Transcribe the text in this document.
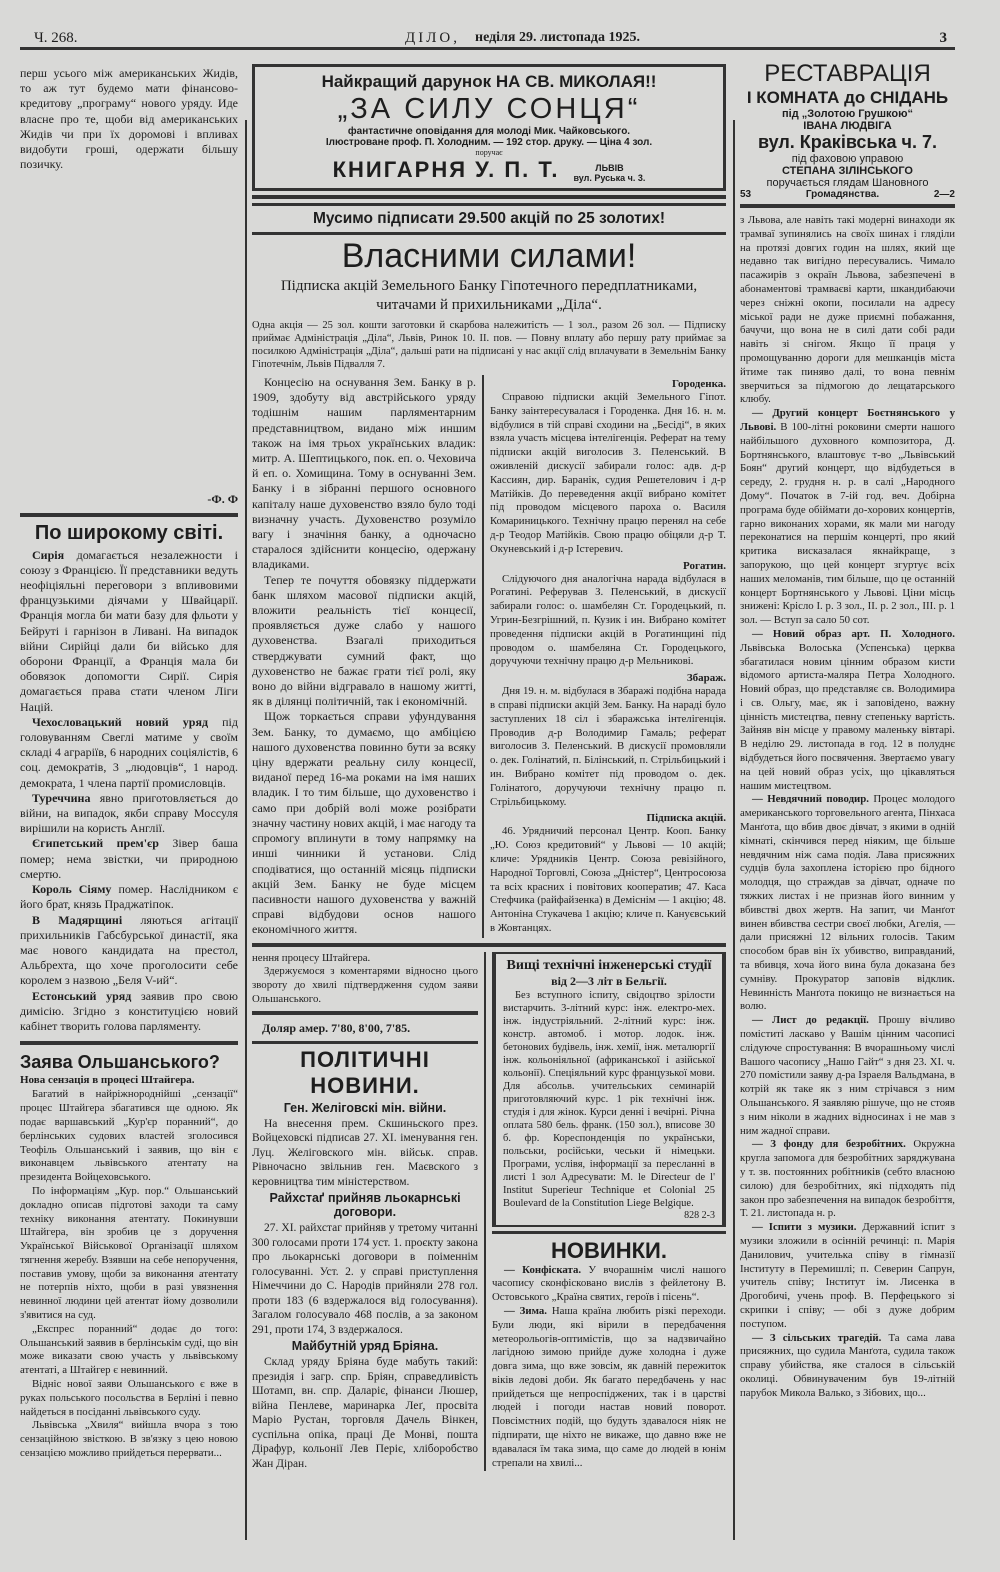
Ч. 268.	ДІЛО, неділя 29. листопада 1925.	3
перш усього між американських Жидів, то аж тут будемо мати фінансово-кредитову „програму“ нового уряду. Иде власне про те, щоби від американських Жидів чи при їх доромові і впливах видобути гроші, одержати більшу позичку.
-Ф. Ф
По широкому світі.

Сирія домагається незалежности і союзу з Францією. Її представники ведуть неофіціяльні переговори з впливовими французькими діячами у Швайцарії. Франція могла би мати базу для фльоти у Бейруті і гарнізон в Ливані. На випадок війни Сирійці дали би військо для оборони Франції, а Франція мала би обовязок допомогти Сирії. Сирія домагається права стати членом Ліги Націй.

Чехословацький новий уряд під головуванням Свеглі матиме у своїм складі 4 аграріїв, 6 народних соціялістів, 6 соц. демократів, 3 „людовців“, 1 народ. демократа, 1 члена партії промисловців.

Туреччина явно приготовляється до війни, на випадок, якби справу Моссуля вирішили на користь Англії.

Єгипетський прем'єр Зівер баша помер; нема звістки, чи природною смертю.

Король Сіяму помер. Наслідником є його брат, князь Праджатіпок.

В Мадярщині ляються агітації прихильників Габсбурської династії, яка має нового кандидата на престол, Альбрехта, що хоче проголосити себе королем з назвою „Беля V-ий“.

Естонський уряд заявив про свою димісію. Згідно з конституцією новий кабінет творить голова парляменту.

Заява Ольшанського?
Нова сензація в процесі Штайгера.

Багатий в найріжнороднійші „сензації“ процес Штайгера збагатився ще одною. Як подає варшавський „Кур'єр поранний“, до берлінських судових властей зголосився Теофіль Ольшанський і заявив, що він є виконавцем львівського атентату на президента Войцеховського.

По інформаціям „Кур. пор.“ Ольшанський докладно описав підготові заходи та саму техніку виконання атентату. Покинувши Штайгера, він зробив це з доручення Української Військової Організації шляхом тягнення жеребу. Взявши на себе непоручення, поставив умову, щоби за виконання атентату не потерпів ніхто, щоби в разі увязнення невинної людини цей атентат йому дозволили з'явитися на суд.

„Експрес поранний“ додає до того: Ольшанський заявив в берлінськім суді, що він може виказати свою участь у львівському атентаті, а Штайгер є невинний.

Відніс нової заяви Ольшанського є вже в руках польського посольства в Берліні і певно найдеться в посіданні львівського суду.

Львівська „Хвиля“ вийшла вчора з тою сензаційною звісткою. В зв'язку з цею новою сензацією можливо прийдеться перервати...

Найкращий дарунок НА СВ. МИКОЛАЯ!!
„ЗА СИЛУ СОНЦЯ“
фантастичне оповідання для молоді Мик. Чайковського.
Ілюстроване проф. П. Холодним. — 192 стор. друку. — Ціна 4 зол.
поручає
КНИГАРНЯ У. П. Т.	ЛЬВІВ
вул. Руська ч. 3.
Мусимо підписати 29.500 акцій по 25 золотих!
Власними силами!
Підписка акцій Земельного Банку Гіпотечного передплатниками, читачами й прихильниками „Діла“.

Одна акція — 25 зол. кошти заготовки й скарбова належитість — 1 зол., разом 26 зол. — Підписку приймає Адміністрація „Діла“, Львів, Ринок 10. II. пов. — Повну вплату або першу рату приймає за посилкою Адміністрація „Діла“, дальші рати на підписані у нас акції слід вплачувати в Земельнім Банку Гіпотечнім, Львів Підвалля 7.

Концесію на оснування Зем. Банку в р. 1909, здобуту від австрійського уряду тодішнім нашим парляментарним представництвом, видано між иншим також на імя трьох українських владик: митр. А. Шептицького, пок. еп. о. Чеховича й еп. о. Хомищина. Тому в оснуванні Зем. Банку і в зібранні першого основного капіталу наше духовенство взяло було тоді визначну участь. Духовенство розуміло вагу і значіння банку, а одночасно старалося здійснити концесію, одержану владиками.

Тепер те почуття обовязку піддержати банк шляхом масової підписки акцій, вложити реальність тієї концесії, проявляється дуже слабо у нашого духовенства. Взагалі приходиться стверджувати сумний факт, що духовенство не бажає грати тієї ролі, яку воно до війни відгравало в нашому житті, як в ділянці політичній, так і економічній.

Щож торкається справи уфундування Зем. Банку, то думаємо, що амбіцією нашого духовенства повинно бути за всяку ціну вдержати реальну силу концесії, виданої перед 16-ма роками на імя наших владик. І то тим більше, що духовенство і само при добрій волі може розібрати значну частину нових акцій, і має нагоду та спромогу вплинути в тому напрямку на инші чинники й установи. Слід сподіватися, що останній місяць підписки акцій Зем. Банку не буде місцем пасивности нашого духовенства у важній справі відбудови основ нашого економічного життя.

Городенка.

Справою підписки акцій Земельного Гіпот. Банку заінтересувалася і Городенка. Дня 16. н. м. відбулися в тій справі сходини на „Бесіді“, в яких взяла участь місцева інтелігенція. Реферат на тему підписки акцій виголосив З. Пеленський. В оживленій дискусії забирали голос: адв. д-р Кассиян, дир. Баранік, судия Решетелович і д-р Матійків. До переведення акції вибрано комітет під проводом місцевого пароха о. Василя Комариницького. Технічну працю перенял на себе д-р Теодор Матійків. Свою працю обіцяли д-р Т. Окуневський і д-р Істеревич.

Рогатин.

Слідуючого дня аналогічна нарада відбулася в Рогатині. Реферував З. Пеленський, в дискусії забирали голос: о. шамбелян Ст. Городецький, п. Угрин-Безгрішний, п. Кузик і ин. Вибрано комітет проведення підписки акцій в Рогатинщині під проводом о. шамбеляна Ст. Городецького, доручуючи технічну працю д-р Мельникові.

Збараж.

Дня 19. н. м. відбулася в Збаражі подібна нарада в справі підписки акцій Зем. Банку. На нараді було заступлених 18 сіл і збаражська інтелігенція. Проводив д-р Володимир Гамаль; реферат виголосив З. Пеленський. В дискусії промовляли о. дек. Голінатий, п. Білінський, п. Стрільбицький і ин. Вибрано комітет під проводом о. дек. Голінатого, доручуючи технічну працю п. Стрільбицькому.

Підписка акцій.

46. Урядничий персонал Центр. Кооп. Банку „Ю. Союз кредитовий“ у Львові — 10 акцій; кличе: Урядників Центр. Союза ревізійного, Народної Торговлі, Союза „Дністер“, Центросоюза та всіх красних і повітових кооператив; 47. Каса Стефчика (райфайзенка) в Деміснім — 1 акцію; 48. Антоніна Стукачева 1 акцію; кличе п. Кануєвський в Жовтанцях.

нення процесу Штайгера.

Здержуємося з коментарями відносно цього звороту до хвилі підтвердження судом заяви Ольшанського.

Доляр амер. 7'80, 8'00, 7'85.
ПОЛІТИЧНІ НОВИНИ.
Ген. Желіговскі мін. війни.

На внесення прем. Скшиньского през. Войцеховскі підписав 27. XI. іменування ген. Луц. Желіговского мін. військ. справ. Рівночасно звільнив ген. Маєвского з керовництва тим міністерством.

Райхстаґ прийняв льокарнські договори.

27. XI. райхстаг прийняв у третому читанні 300 голосами проти 174 уст. 1. проєкту закона про льокарнські договори в поіменнім голосуванні. Уст. 2. у справі приступлення Німеччини до С. Народів прийняли 278 гол. проти 183 (6 вздержалося від голосування). Загалом голосувало 468 послів, а за законом 291, проти 174, 3 вздержалося.

Майбутній уряд Бріяна.

Склад уряду Бріяна буде мабуть такий: президія і загр. спр. Бріян, справедливість Шотамп, вн. спр. Даларіє, фінанси Люшер, війна Пенлеве, маринарка Леґ, просвіта Маріо Рустан, торговля Дачель Вінкен, суспільна опіка, праці Де Монві, пошта Дірафур, кольонії Лев Періє, хліборобство Жан Діран.

Вищі технічні інженерські студії
від 2—3 літ в Бельгії.

Без вступного іспиту, свідоцтво зрілости вистарчить. 3-літний курс: інж. електро-мех. інж. індустріяльний. 2-літний курс: інж. констр. автомоб. і мотор. лодок. інж. бетонових будівель, інж. хемії, інж. металюргії інж. кольоніяльної (африканської і азійської кольонії). Спеціяльний курс французької мови. Для абсольв. учительських семинарій приготовляючий курс. 1 рік технічні інж. студія і для жінок. Курси денні і вечірні. Річна оплата 580 бель. франк. (150 зол.), вписове 30 б. фр. Кореспонденція по українськи, польськи, російськи, чеськи й німецьки. Програми, услівя, інформації за пересланні в листі 1 зол Адресувати: M. le Directeur de l' Institut Superieur Technique et Colonial 25 Boulevard de la Constitution Liege Belgique.

828 2-3
НОВИНКИ.

— Конфіската. У вчорашнім числі нашого часопису сконфісковано вислів з фейлетону В. Остовського „Країна святих, героїв і пісень“.

— Зима. Наша країна любить різкі переходи. Були люди, які вірили в передбачення метеорольогів-оптимістів, що за надзвичайно лагідною зимою прийде дуже холодна і дуже довга зима, що вже зовсім, як давній пережиток віків ледові доби. Як багато передбачень у нас прийдеться ще непроспіджених, так і в царстві людей і погоди настав новий поворот. Повсімстних подій, що будуть здавалося ніяк не підпирати, ще ніхто не викаже, що давно вже не вдавалася їм така зима, що саме до людей в юнім стрепали на хвилі...

РЕСТАВРАЦІЯ
І КОМНАТА до СНІДАНЬ
під „Золотою Грушкою“
ІВАНА ЛЮДВІГА
вул. Краківська ч. 7.
під фаховою управою
СТЕПАНА ЗІЛІНСЬКОГО
поручається глядам Шановного
53	Громадянства.	2—2

з Львова, але навіть такі модерні винаходи як трамваї зупинялись на своїх шинах і гляділи на протязі довгих годин на шлях, який ще недавно так вигідно пересувались. Чимало пасажирів з окраїн Львова, забезпечені в абонаментові трамваєві карти, шкандибаючи через сніжні окопи, посилали на адресу міської ради не дуже приємні побажання, бачучи, що вона не в силі дати собі ради навіть зі снігом. Якщо її праця у промощуванню дороги для мешканців міста йтиме так пиняво далі, то вона певнім зверчиться за підмогою до лещатарського клюбу.

— Другий концерт Боєтнянського у Львові. В 100-літні роковини смерти нашого найбільшого духовного композитора, Д. Бортнянського, влаштовує т-во „Львівський Боян“ другий концерт, що відбудеться в середу, 2. грудня н. р. в салі „Народного Дому“. Початок в 7-ій год. веч. Добірна програма буде обіймати до-хорових концертів, гарно виконаних хорами, як мали ми нагоду переконатися на першім концерті, про який критика висказалася якнайкраще, з запорукою, що цей концерт згуртує всіх наших меломанів, тим більше, що це останній концерт Бортнянського у Львові. Ціни місць знижені: Крісло І. р. 3 зол., ІІ. р. 2 зол., ІІІ. р. 1 зол. — Вступ за сало 50 сот.

— Новий образ арт. П. Холодного. Львівська Волоська (Успенська) церква збагатилася новим цінним образом кисти відомого артиста-маляра Петра Холодного. Новий образ, що представляє св. Володимира і св. Ольгу, має, як і заповідено, важну цінність мистецтва, певну степеньку вартість. Зайняв він місце у правому маленьку вівтарі. В неділю 29. листопада в год. 12 в полуднє відбудеться його посвячення. Звертаємо увагу на цей новий образ усіх, що цікавляться нашим мистецтвом.

— Невдячний поводир. Процес молодого американського торговельного агента, Пінхаса Манґота, що вбив двоє дівчат, з якими в одній кімнаті, скінчився перед ніяким, ще більше невдячним ніж сама подія. Лава присяжних судців була захоплена історією про бідного молодця, що страждав за дівчат, одначе по тяжких листах і не признав його винним у вбивстві двох жертв. На запит, чи Манґот винен вбивства сестри своєї любки, Агелія, — дали присяжні 12 вільних голосів. Таким способом брав він їх убивство, виправданий, та вбивця, хоча його вина була доказана без сумніву. Прокуратор заповів відклик. Невинність Манґота покищо не визнається на волю.

— Лист до редакції. Прошу вічливо поміститі ласкаво у Вашім цінним часописі слідуюче спростування: В вчорашньому числі Вашого часопису „Нашо Гайт“ з дня 23. XI. ч. 270 помістили заяву д-ра Ізраеля Вальдмана, в котрій як таке як з ним стрічався з ним Ольшанського. Я заявляю рішуче, що не стояв з ним ніколи в жадних відносинах і не мав з ним жадної справи.

— З фонду для безробітних. Окружна кругла запомога для безробітних заряджувана у т. зв. постоянних робітників (себто власною силою) для безробітних, які підходять під закон про забезпечення на випадок безробіття, Т. 21. листопада н. р.

— Іспити з музики. Державний іспит з музики зложили в осінній речинці: п. Марія Данилович, учителька співу в гімназії Інституту в Перемишлі; п. Северин Сапрун, учитель співу; Інститут ім. Лисенка в Дрогобичі, учень проф. В. Перфецького зі скрипки і співу; — обі з дуже добрим поступом.

— З сільських трагедій. Та сама лава присяжних, що судила Манґота, судила також справу убийства, яке сталося в сільській околиці. Обвинуваченим був 19-літній парубок Микола Валько, з Зібових, що...
